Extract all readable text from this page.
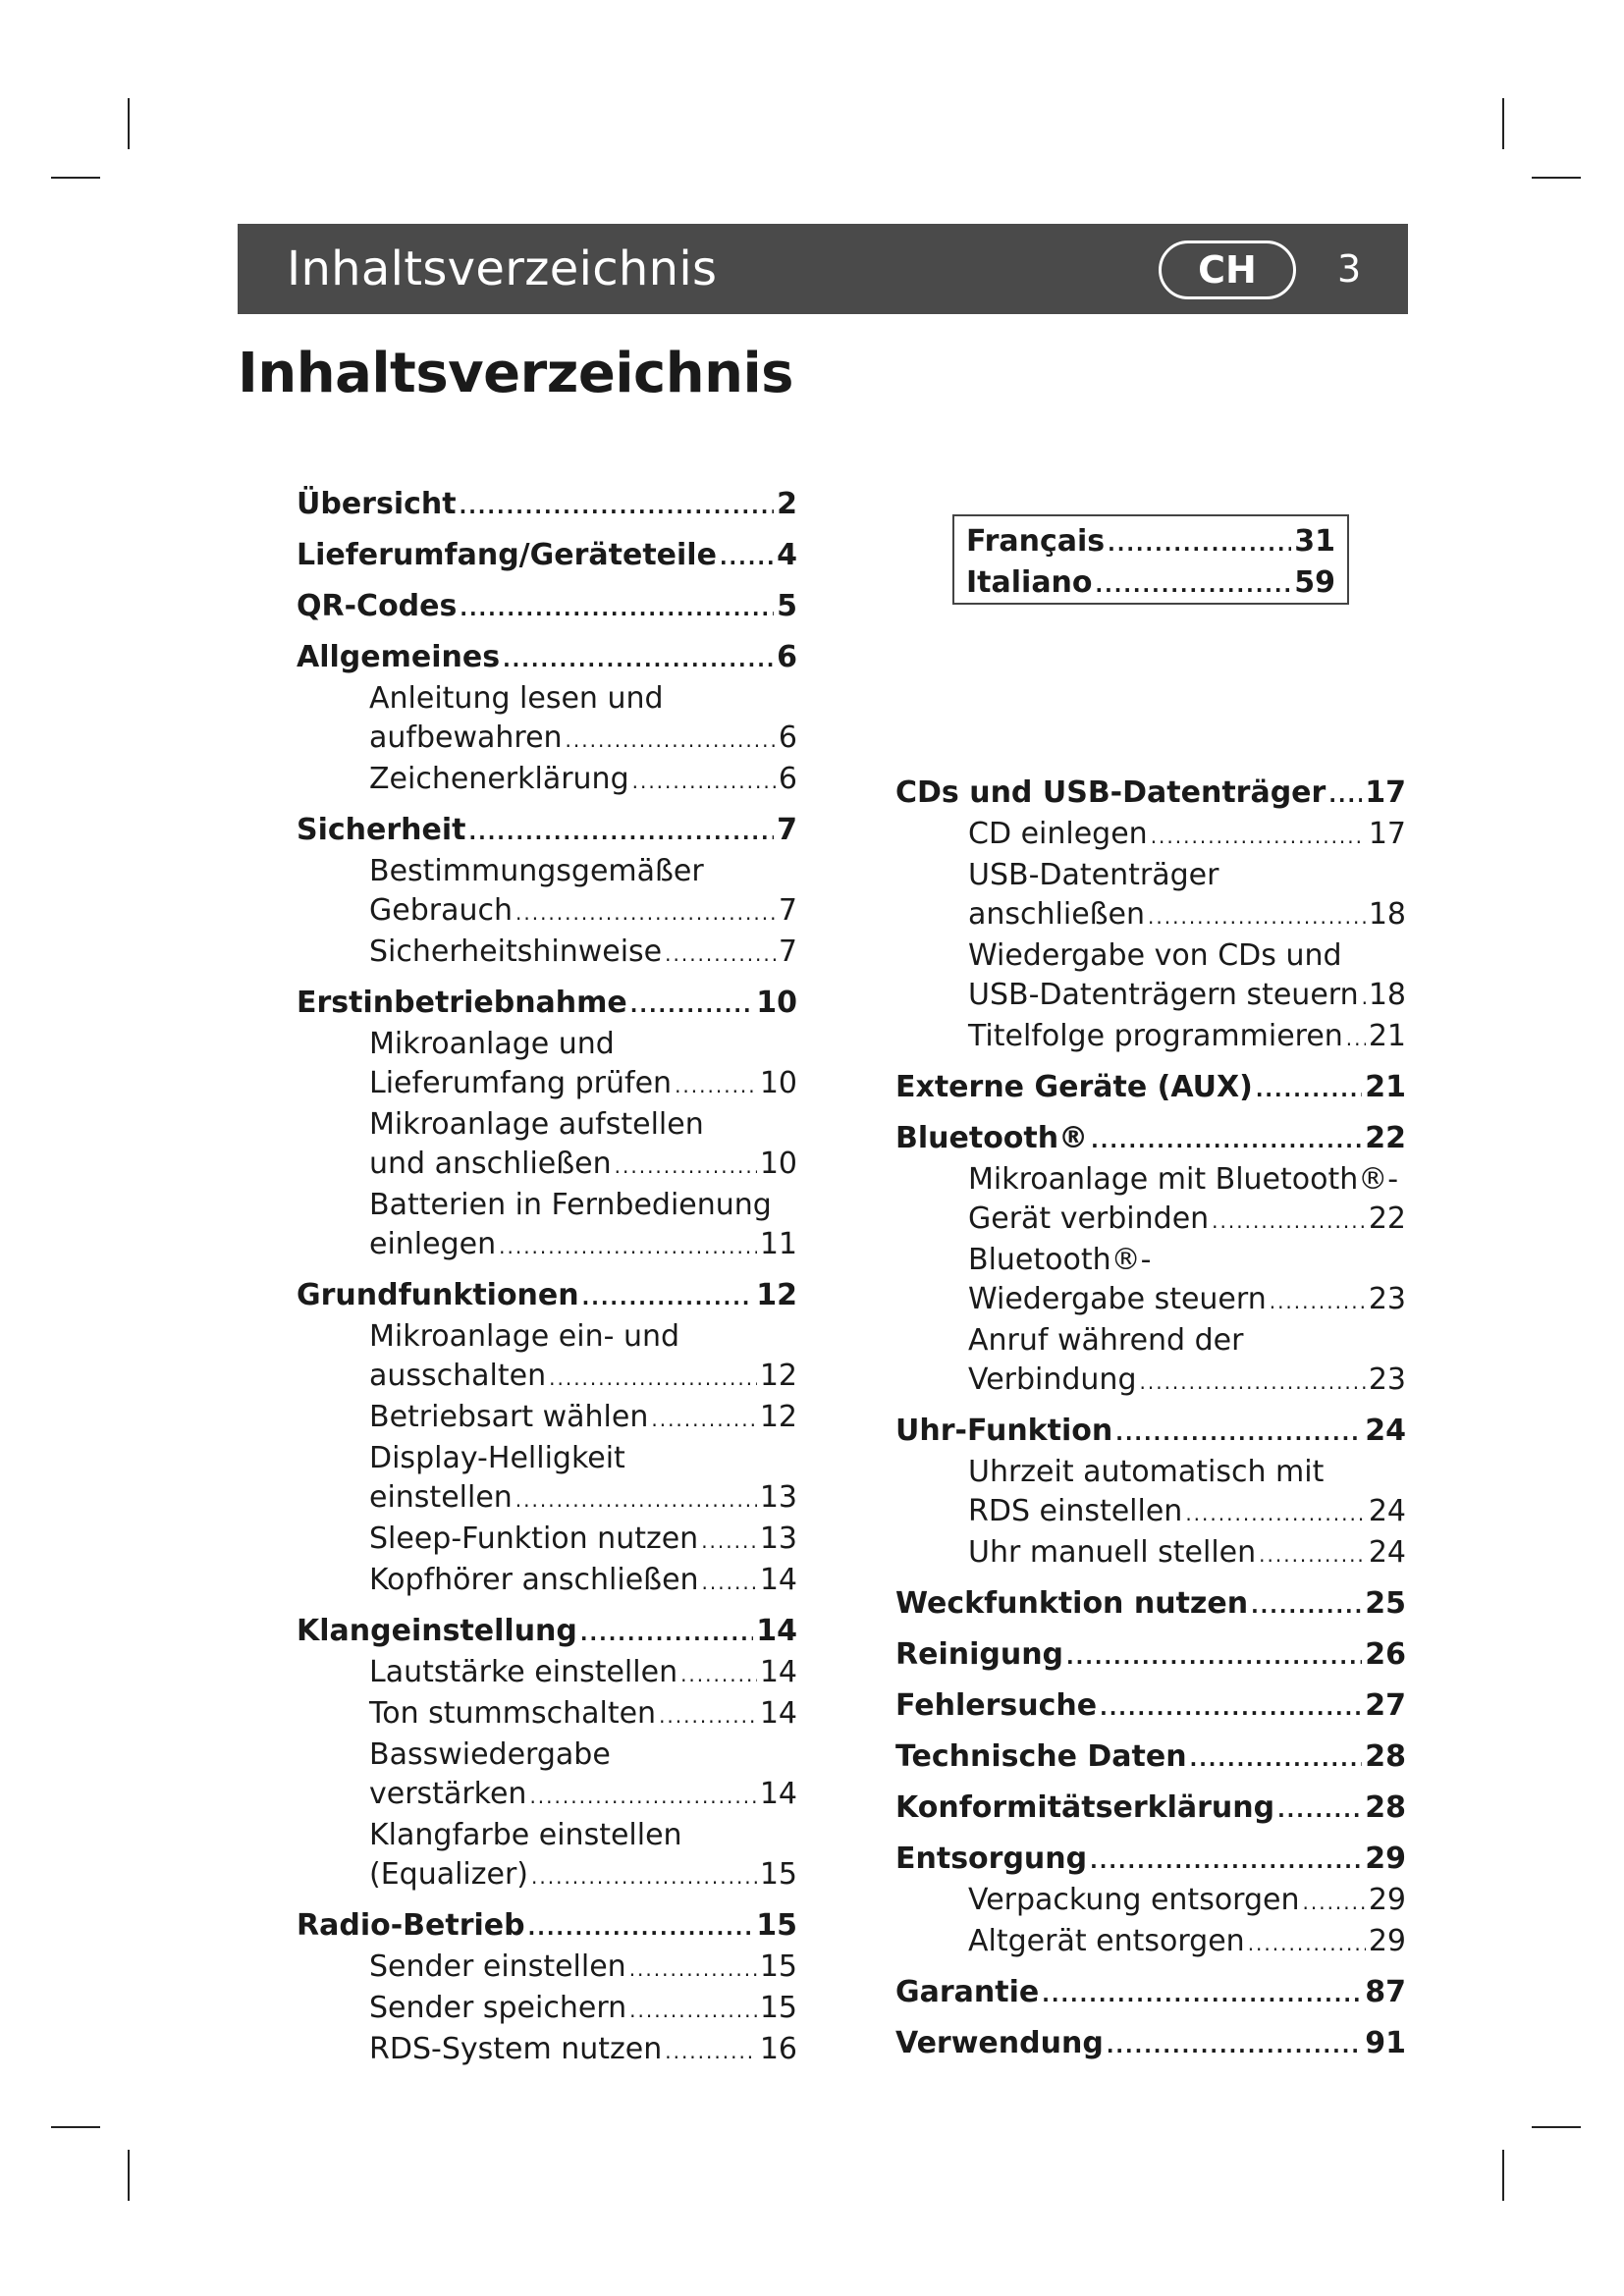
Inhaltsverzeichnis	CH	3
Inhaltsverzeichnis
Übersicht .....	2
Lieferumfang/Geräteteile ..... 4
QR-Codes .....	5
Allgemeines .....	6
Anleitung lesen und
aufbewahren .....	6
Zeichenerklärung .....	6
Sicherheit .....	7
Bestimmungsgemäßer
Gebrauch .....	7
Sicherheitshinweise .....	7
Erstinbetriebnahme .....	10
Mikroanlage und
Lieferumfang prüfen .....	10
Mikroanlage aufstellen
und anschließen .....	10
Batterien in Fernbedienung
einlegen .....	11
Grundfunktionen .....	12
Mikroanlage ein- und
ausschalten .....	12
Betriebsart wählen .....	12
Display-Helligkeit
einstellen .....	13
Sleep-Funktion nutzen ..... 13
Kopfhörer anschließen ..... 14
Klangeinstellung .....	14
Lautstärke einstellen .....	14
Ton stummschalten .....	14
Basswiedergabe
verstärken .....	14
Klangfarbe einstellen
(Equalizer) .....	15
Radio-Betrieb .....	15
Sender einstellen .....	15
Sender speichern .....	15
RDS-System nutzen .....	16
Français .....	31
Italiano .....	59
CDs und USB-Datenträger ..... 17
CD einlegen .....	17
USB-Datenträger
anschließen .....	18
Wiedergabe von CDs und
USB-Datenträgern steuern ..... 18
Titelfolge programmieren ..... 21
Externe Geräte (AUX) .....	21
Bluetooth® .....	22
Mikroanlage mit Bluetooth®-
Gerät verbinden .....	22
Bluetooth®-
Wiedergabe steuern .....	23
Anruf während der
Verbindung .....	23
Uhr-Funktion .....	24
Uhrzeit automatisch mit
RDS einstellen .....	24
Uhr manuell stellen .....	24
Weckfunktion nutzen .....	25
Reinigung .....	26
Fehlersuche .....	27
Technische Daten .....	28
Konformitätserklärung .....	28
Entsorgung .....	29
Verpackung entsorgen ..... 29
Altgerät entsorgen .....	29
Garantie .....	87
Verwendung .....	91
